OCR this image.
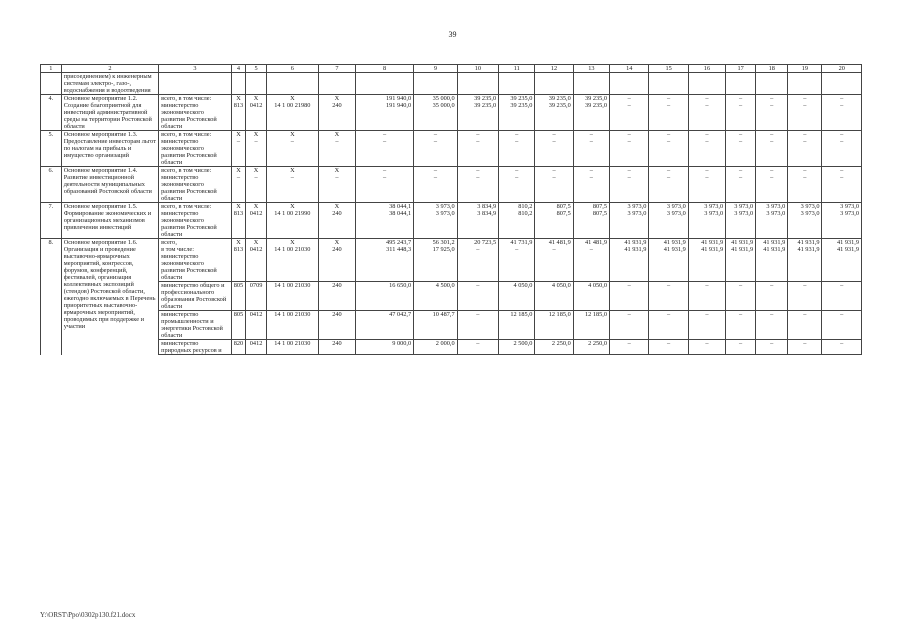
39
1	2	3	4	5	6	7	8	9	10	11	12	13	14	15	16	17	18	19	20
	присоединением) к инженерным системам электро-, газо-, водоснабжения и водоотведения																		
4.	Основное мероприятие 1.2. Создание благоприятной для инвестиций административной среды на территории Ростовской области	всего, в том числе:	X	X	X	X	191 940,0	35 000,0	39 235,0	39 235,0	39 235,0	39 235,0	–	–	–	–	–	–	–
		министерство экономического развития Ростовской области	813	0412	14 1 00 21980	240	191 940,0	35 000,0	39 235,0	39 235,0	39 235,0	39 235,0	–	–	–	–	–	–	–
5.	Основное мероприятие 1.3. Предоставление инвесторам льгот по налогам на прибыль и имущество организаций	всего, в том числе:	X	X	X	X	–	–	–	–	–	–	–	–	–	–	–	–	–
		министерство экономического развития Ростовской области	–	–	–	–	–	–	–	–	–	–	–	–	–	–	–	–	–
6.	Основное мероприятие 1.4. Развитие инвестиционной деятельности муниципальных образований Ростовской области	всего, в том числе:	X	X	X	X	–	–	–	–	–	–	–	–	–	–	–	–	–
		министерство экономического развития Ростовской области	–	–	–	–	–	–	–	–	–	–	–	–	–	–	–	–	–
7.	Основное мероприятие 1.5. Формирование экономических и организационных механизмов привлечения инвестиций	всего, в том числе:	X	X	X	X	38 044,1	3 973,0	3 834,9	810,2	807,5	807,5	3 973,0	3 973,0	3 973,0	3 973,0	3 973,0	3 973,0	3 973,0
		министерство экономического развития Ростовской области	813	0412	14 1 00 21990	240	38 044,1	3 973,0	3 834,9	810,2	807,5	807,5	3 973,0	3 973,0	3 973,0	3 973,0	3 973,0	3 973,0	3 973,0
8.	Основное мероприятие 1.6. Организация и проведение выставочно-ярмарочных мероприятий, конгрессов, форумов, конференций, фестивалей, организация коллективных экспозиций (стендов) Ростовской области, ежегодно включаемых в Перечень приоритетных выставочно-ярмарочных мероприятий, проводимых при поддержке и участии	всего,	X	X	X	X	495 243,7	56 301,2	20 723,5	41 731,9	41 481,9	41 481,9	41 931,9	41 931,9	41 931,9	41 931,9	41 931,9	41 931,9	41 931,9
		в том числе: министерство экономического развития Ростовской области	813	0412	14 1 00 21030	240	311 448,3	17 925,0	–	–	–	–	41 931,9	41 931,9	41 931,9	41 931,9	41 931,9	41 931,9	41 931,9
		министерство общего и профессионального образования Ростовской области	805	0709	14 1 00 21030	240	16 650,0	4 500,0	–	4 050,0	4 050,0	4 050,0	–	–	–	–	–	–	–
		министерство промышленности и энергетики Ростовской области	805	0412	14 1 00 21030	240	47 042,7	10 487,7	–	12 185,0	12 185,0	12 185,0	–	–	–	–	–	–	–
		министерство природных ресурсов и	820	0412	14 1 00 21030	240	9 000,0	2 000,0	–	2 500,0	2 250,0	2 250,0	–	–	–	–	–	–	–
Y:\ORST\Ppo\0302p130.f21.docx
